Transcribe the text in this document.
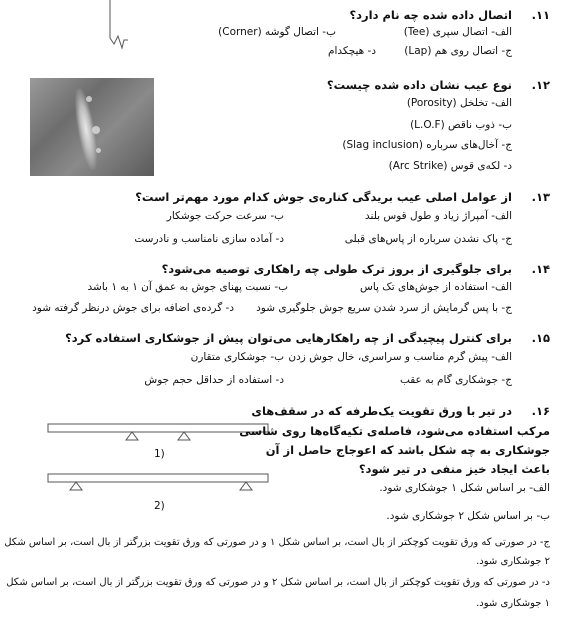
.۱۱
اتصال داده شده چه نام دارد؟
الف- اتصال سپری (Tee)
ب- اتصال گوشه (Corner)
ج- اتصال روی هم (Lap)
د- هیچکدام
.۱۲
نوع عیب نشان داده شده چیست؟
الف- تخلخل (Porosity)
ب- ذوب ناقص (L.O.F)
ج- آخال‌های سرباره (Slag inclusion)
د- لکه‌ی قوس (Arc Strike)
.۱۳
از عوامل اصلی عیب بریدگی کناره‌ی جوش کدام مورد مهم‌تر است؟
الف- آمپراژ زیاد و طول قوس بلند
ب- سرعت حرکت جوشکار
ج- پاک نشدن سرباره از پاس‌های قبلی
د- آماده سازی نامناسب و نادرست
.۱۴
برای جلوگیری از بروز ترک طولی چه راهکاری توصیه می‌شود؟
الف- استفاده از جوش‌های تک پاس
ب- نسبت پهنای جوش به عمق آن ۱ به ۱ باشد
ج- با پس گرمایش از سرد شدن سریع جوش جلوگیری شود
د- گرده‌ی اضافه برای جوش درنظر گرفته شود
.۱۵
برای کنترل پیچیدگی از چه راهکارهایی می‌توان پیش از جوشکاری استفاده کرد؟
الف- پیش گرم مناسب و سراسری، خال جوش زدن
ب- جوشکاری متقارن
ج- جوشکاری گام به عقب
د- استفاده از حداقل حجم جوش
1)
2)
.۱۶
در تیر با ورق تقویت یک‌طرفه که در سقف‌های
مرکب استفاده می‌شود، فاصله‌ی تکیه‌گاه‌ها روی شاسی
جوشکاری به چه شکل باشد که اعوجاج حاصل از آن
باعث ایجاد خیز منفی در تیر شود؟
الف- بر اساس شکل ۱ جوشکاری شود.
ب- بر اساس شکل ۲ جوشکاری شود.
ج- در صورتی که ورق تقویت کوچکتر از بال است، بر اساس شکل ۱ و در صورتی که ورق تقویت بزرگتر از بال است، بر اساس شکل
۲ جوشکاری شود.
د- در صورتی که ورق تقویت کوچکتر از بال است، بر اساس شکل ۲ و در صورتی که ورق تقویت بزرگتر از بال است، بر اساس شکل
۱ جوشکاری شود.
